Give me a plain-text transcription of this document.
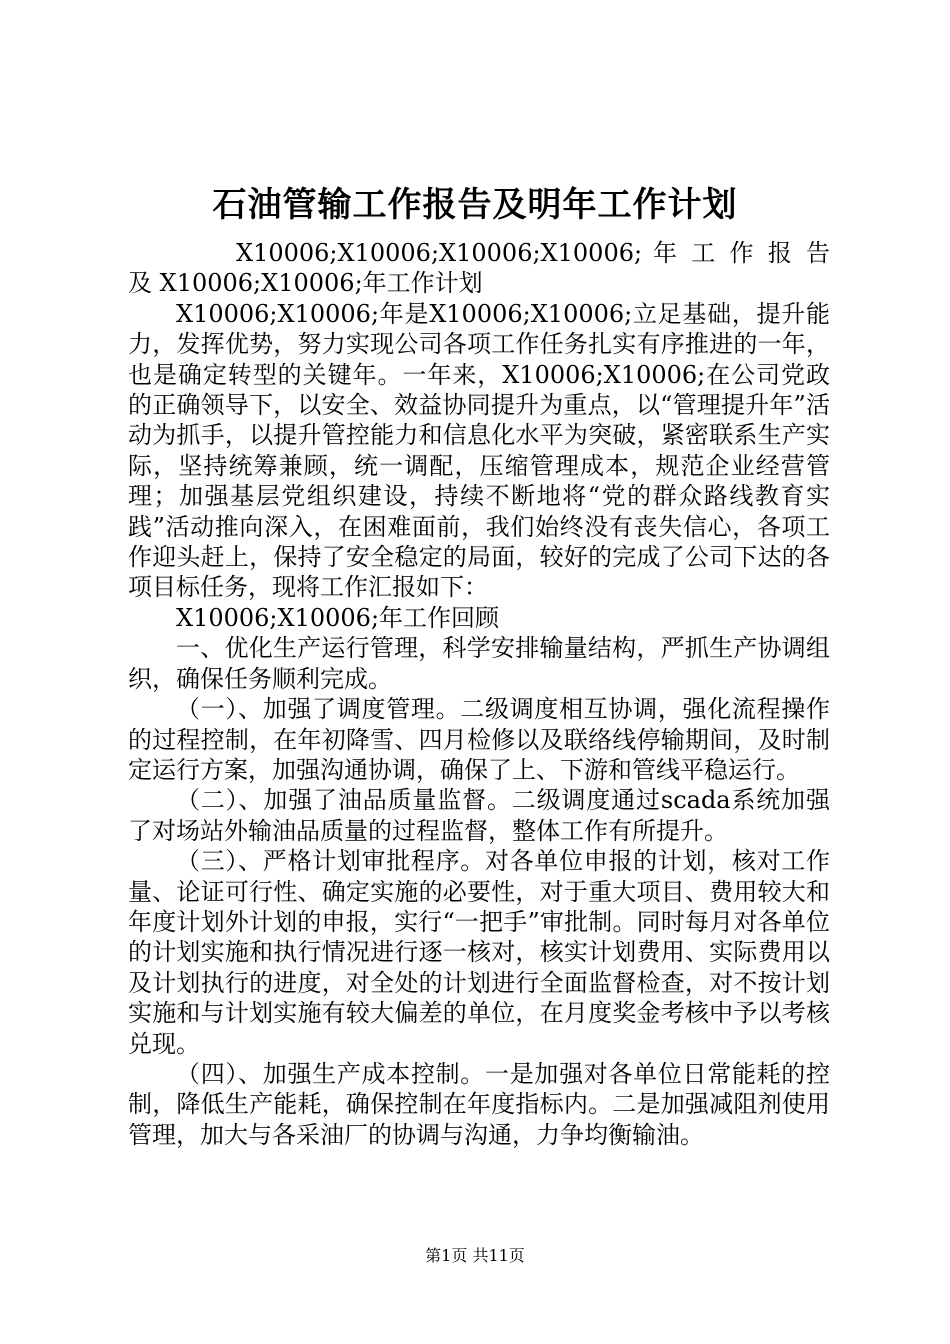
石油管输工作报告及明年工作计划

X10006;X10006;X10006;X10006; 年 工 作 报 告 及 X10006;X10006;年工作计划

X10006;X10006;年是X10006;X10006;立足基础，提升能力，发挥优势，努力实现公司各项工作任务扎实有序推进的一年，也是确定转型的关键年。一年来，X10006;X10006;在公司党政的正确领导下，以安全、效益协同提升为重点，以“管理提升年”活动为抓手，以提升管控能力和信息化水平为突破，紧密联系生产实际，坚持统筹兼顾，统一调配，压缩管理成本，规范企业经营管理；加强基层党组织建设，持续不断地将“党的群众路线教育实践”活动推向深入，在困难面前，我们始终没有丧失信心，各项工作迎头赶上，保持了安全稳定的局面，较好的完成了公司下达的各项目标任务，现将工作汇报如下：

X10006;X10006;年工作回顾

一、优化生产运行管理，科学安排输量结构，严抓生产协调组织，确保任务顺利完成。

（一）、加强了调度管理。二级调度相互协调，强化流程操作的过程控制，在年初降雪、四月检修以及联络线停输期间，及时制定运行方案，加强沟通协调，确保了上、下游和管线平稳运行。

（二）、加强了油品质量监督。二级调度通过scada系统加强了对场站外输油品质量的过程监督，整体工作有所提升。

（三）、严格计划审批程序。对各单位申报的计划，核对工作量、论证可行性、确定实施的必要性，对于重大项目、费用较大和年度计划外计划的申报，实行“一把手”审批制。同时每月对各单位的计划实施和执行情况进行逐一核对，核实计划费用、实际费用以及计划执行的进度，对全处的计划进行全面监督检查，对不按计划实施和与计划实施有较大偏差的单位，在月度奖金考核中予以考核兑现。

（四）、加强生产成本控制。一是加强对各单位日常能耗的控制，降低生产能耗，确保控制在年度指标内。二是加强减阻剂使用管理，加大与各采油厂的协调与沟通，力争均衡输油。

第1页 共11页
